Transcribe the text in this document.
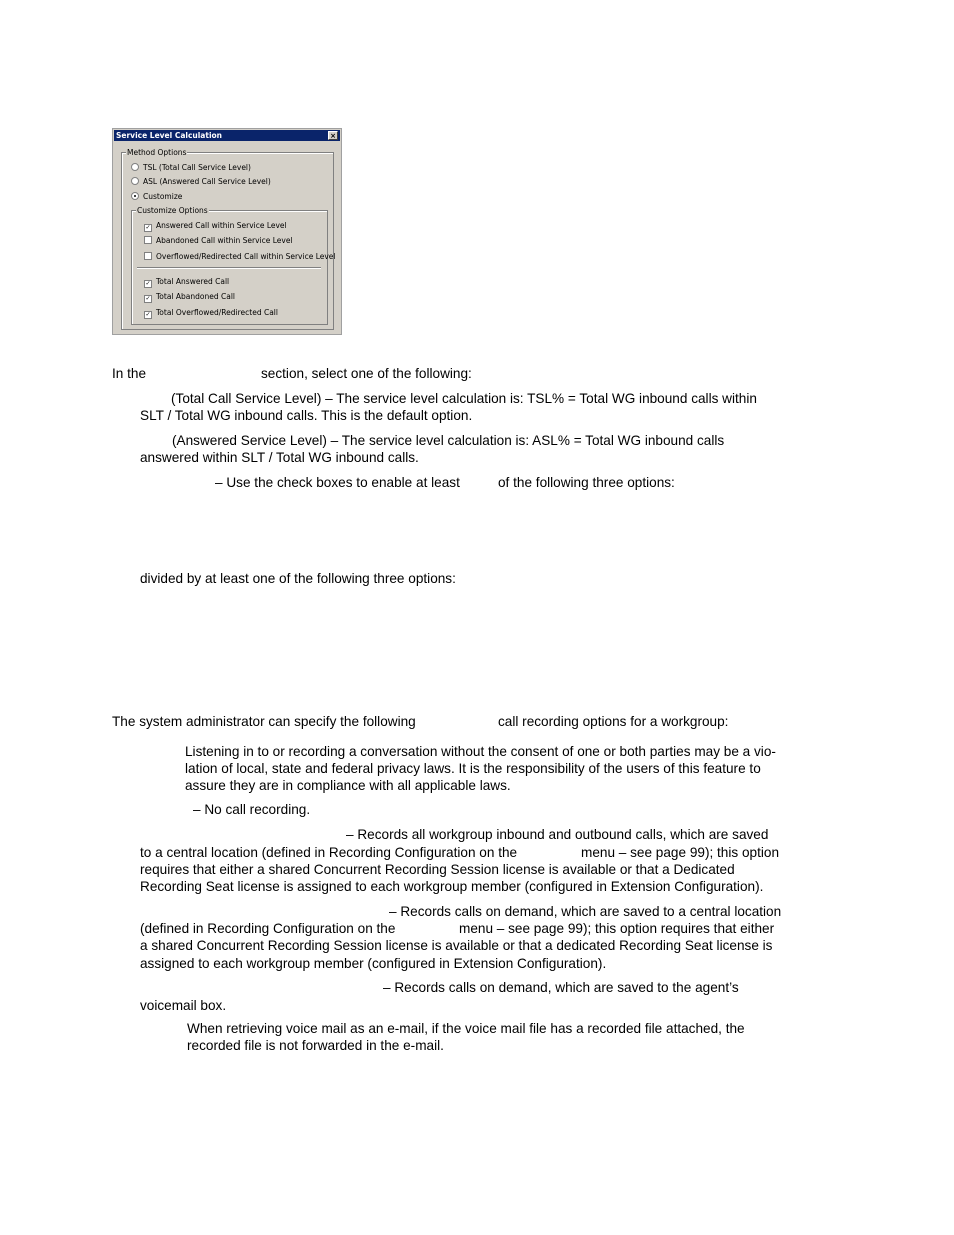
Service Level Calculation	×
Method Options
TSL (Total Call Service Level)
ASL (Answered Call Service Level)
Customize
Customize Options
✓ Answered Call within Service Level
Abandoned Call within Service Level
Overflowed/Redirected Call within Service Level
✓ Total Answered Call
✓ Total Abandoned Call
✓ Total Overflowed/Redirected Call
In the	section, select one of the following:
(Total Call Service Level) – The service level calculation is: TSL% = Total WG inbound calls within
SLT / Total WG inbound calls. This is the default option.
(Answered Service Level) – The service level calculation is: ASL% = Total WG inbound calls
answered within SLT / Total WG inbound calls.
– Use the check boxes to enable at least	of the following three options:
divided by at least one of the following three options:
The system administrator can specify the following	call recording options for a workgroup:
Listening in to or recording a conversation without the consent of one or both parties may be a vio-
lation of local, state and federal privacy laws. It is the responsibility of the users of this feature to
assure they are in compliance with all applicable laws.
– No call recording.
– Records all workgroup inbound and outbound calls, which are saved
to a central location (defined in Recording Configuration on the	menu – see page 99); this option
requires that either a shared Concurrent Recording Session license is available or that a Dedicated
Recording Seat license is assigned to each workgroup member (configured in Extension Configuration).
– Records calls on demand, which are saved to a central location
(defined in Recording Configuration on the	menu – see page 99); this option requires that either
a shared Concurrent Recording Session license is available or that a dedicated Recording Seat license is
assigned to each workgroup member (configured in Extension Configuration).
– Records calls on demand, which are saved to the agent’s
voicemail box.
When retrieving voice mail as an e-mail, if the voice mail file has a recorded file attached, the
recorded file is not forwarded in the e-mail.
